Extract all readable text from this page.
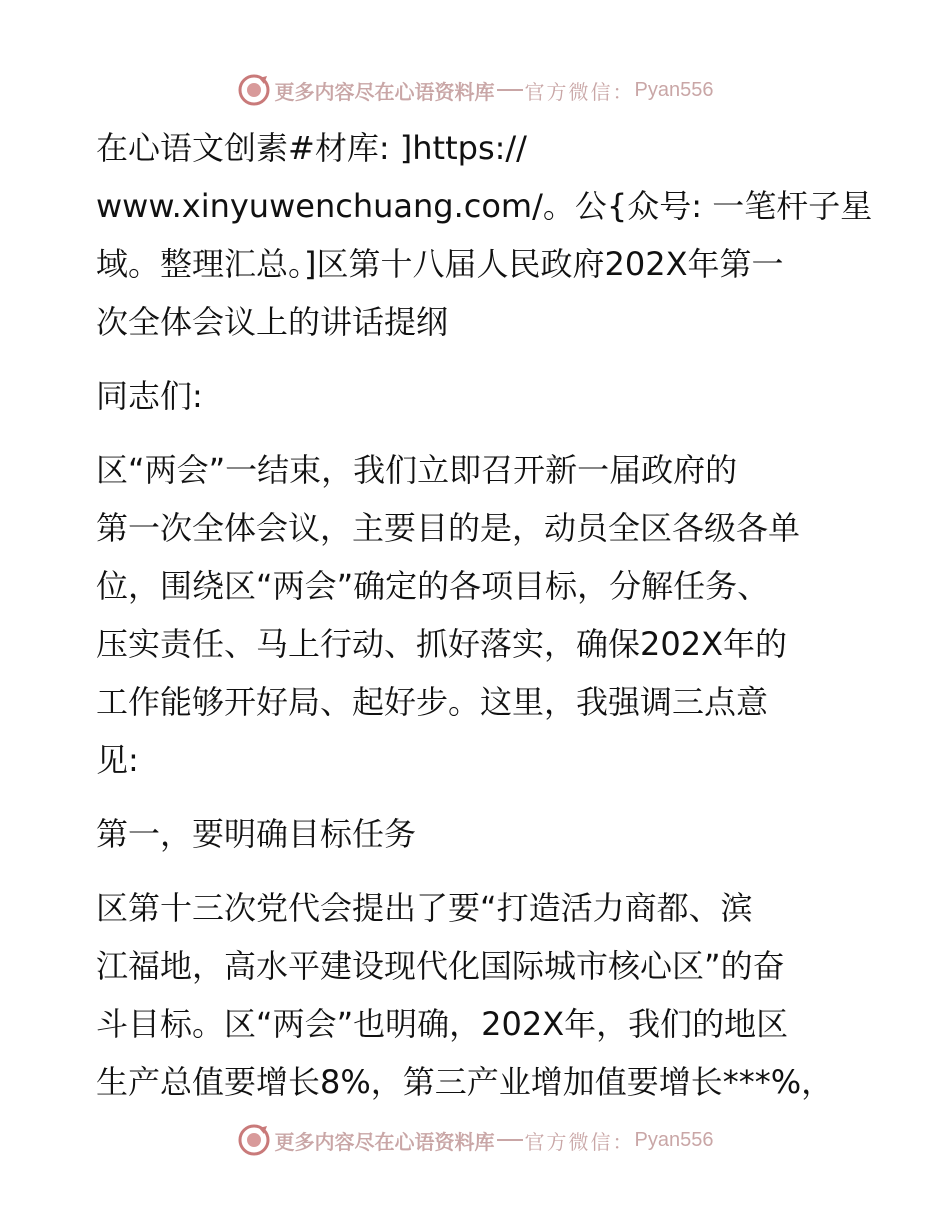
更多内容尽在心语资料库 官方微信： Pyan556
在心语文创素#材库: ]https://
www.xinyuwenchuang.com/。公{众号: 一笔杆子星
域。整理汇总。]区第十八届人民政府202X年第一
次全体会议上的讲话提纲
同志们:
区“两会”一结束，我们立即召开新一届政府的
第一次全体会议，主要目的是，动员全区各级各单
位，围绕区“两会”确定的各项目标，分解任务、
压实责任、马上行动、抓好落实，确保202X年的
工作能够开好局、起好步。这里，我强调三点意
见:
第一，要明确目标任务
区第十三次党代会提出了要“打造活力商都、滨
江福地，高水平建设现代化国际城市核心区”的奋
斗目标。区“两会”也明确，202X年，我们的地区
生产总值要增长8%，第三产业增加值要增长***%，
更多内容尽在心语资料库 官方微信： Pyan556
